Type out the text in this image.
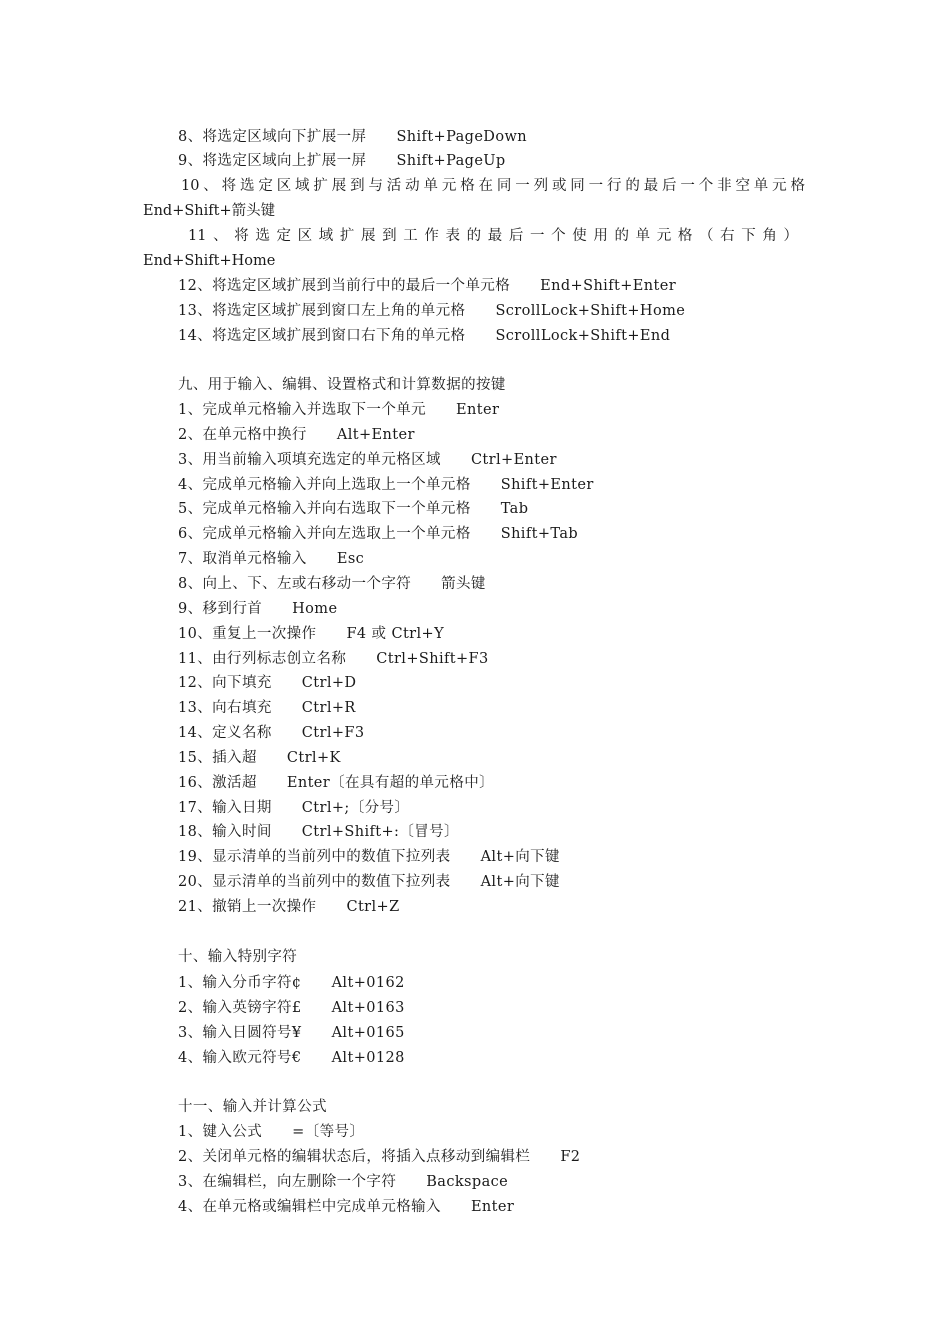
8、将选定区域向下扩展一屏 Shift+PageDown
9、将选定区域向上扩展一屏 Shift+PageUp
10、将选定区域扩展到与活动单元格在同一列或同一行的最后一个非空单元格
End+Shift+箭头键
11、将选定区域扩展到工作表的最后一个使用的单元格（右下角）
End+Shift+Home
12、将选定区域扩展到当前行中的最后一个单元格 End+Shift+Enter
13、将选定区域扩展到窗口左上角的单元格 ScrollLock+Shift+Home
14、将选定区域扩展到窗口右下角的单元格 ScrollLock+Shift+End
九、用于输入、编辑、设置格式和计算数据的按键
1、完成单元格输入并选取下一个单元 Enter
2、在单元格中换行 Alt+Enter
3、用当前输入项填充选定的单元格区域 Ctrl+Enter
4、完成单元格输入并向上选取上一个单元格 Shift+Enter
5、完成单元格输入并向右选取下一个单元格 Tab
6、完成单元格输入并向左选取上一个单元格 Shift+Tab
7、取消单元格输入 Esc
8、向上、下、左或右移动一个字符 箭头键
9、移到行首 Home
10、重复上一次操作 F4 或 Ctrl+Y
11、由行列标志创立名称 Ctrl+Shift+F3
12、向下填充 Ctrl+D
13、向右填充 Ctrl+R
14、定义名称 Ctrl+F3
15、插入超 Ctrl+K
16、激活超 Enter〔在具有超的单元格中〕
17、输入日期 Ctrl+;〔分号〕
18、输入时间 Ctrl+Shift+:〔冒号〕
19、显示清单的当前列中的数值下拉列表 Alt+向下键
20、显示清单的当前列中的数值下拉列表 Alt+向下键
21、撤销上一次操作 Ctrl+Z
十、输入特别字符
1、输入分币字符¢ Alt+0162
2、输入英镑字符£ Alt+0163
3、输入日圆符号¥ Alt+0165
4、输入欧元符号€ Alt+0128
十一、输入并计算公式
1、键入公式 =〔等号〕
2、关闭单元格的编辑状态后，将插入点移动到编辑栏 F2
3、在编辑栏，向左删除一个字符 Backspace
4、在单元格或编辑栏中完成单元格输入 Enter
